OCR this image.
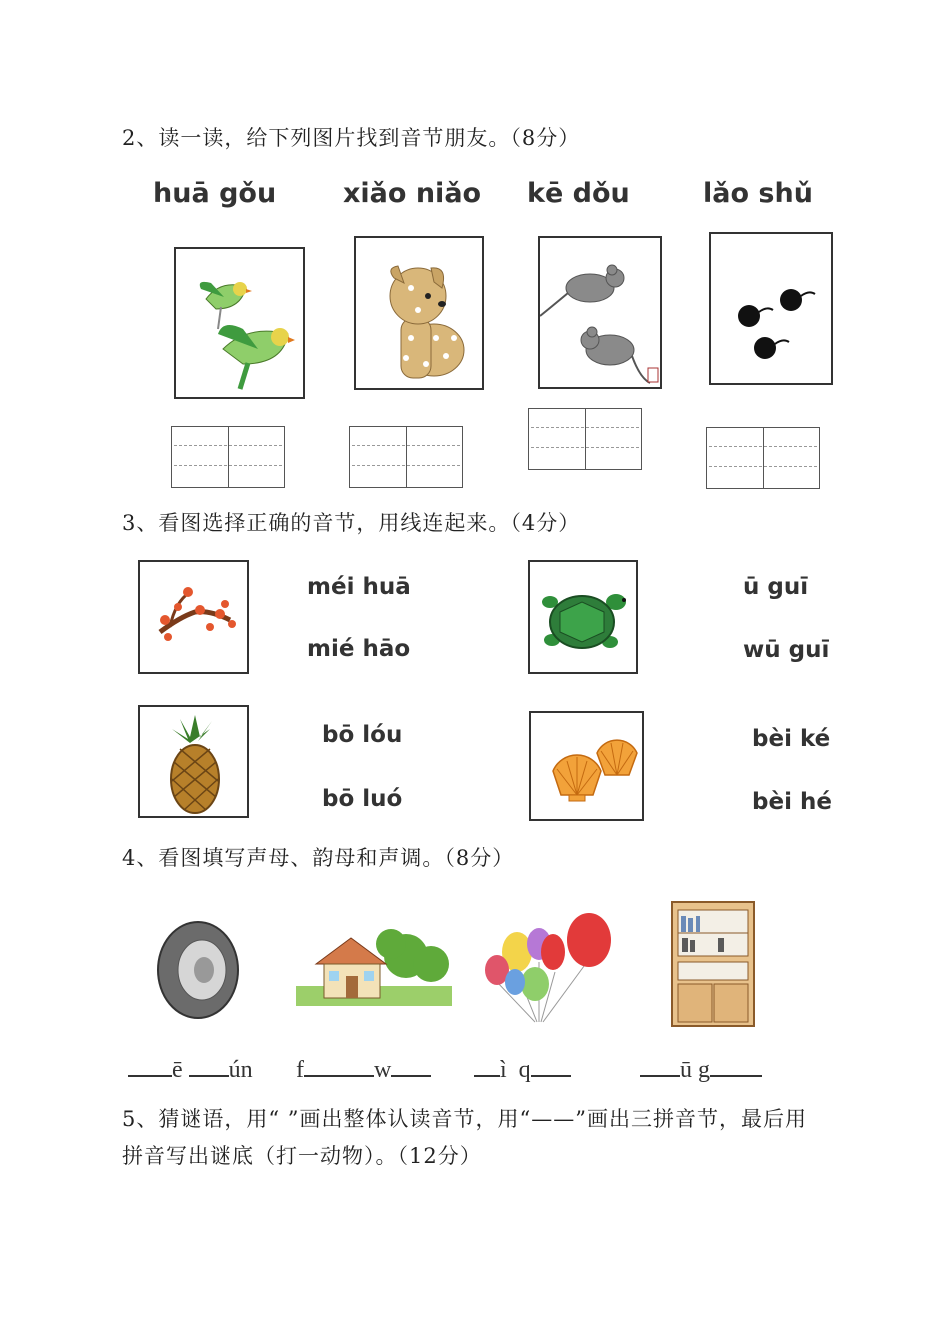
2、读一读，给下列图片找到音节朋友。（8分）
huā gǒu xiǎo niǎo kē dǒu	lǎo shǔ
3、看图选择正确的音节，用线连起来。（4分）
méi huā
mié hāo
ū guī
wū guī
bō lóu
bō luó
bèi ké
bèi hé
4、看图填写声母、韵母和声调。（8分）
ē ún f	w	ì q	ū g
5、猜谜语，用“ ”画出整体认读音节，用“——”画出三拼音节，最后用
拼音写出谜底（打一动物）。（12分）
